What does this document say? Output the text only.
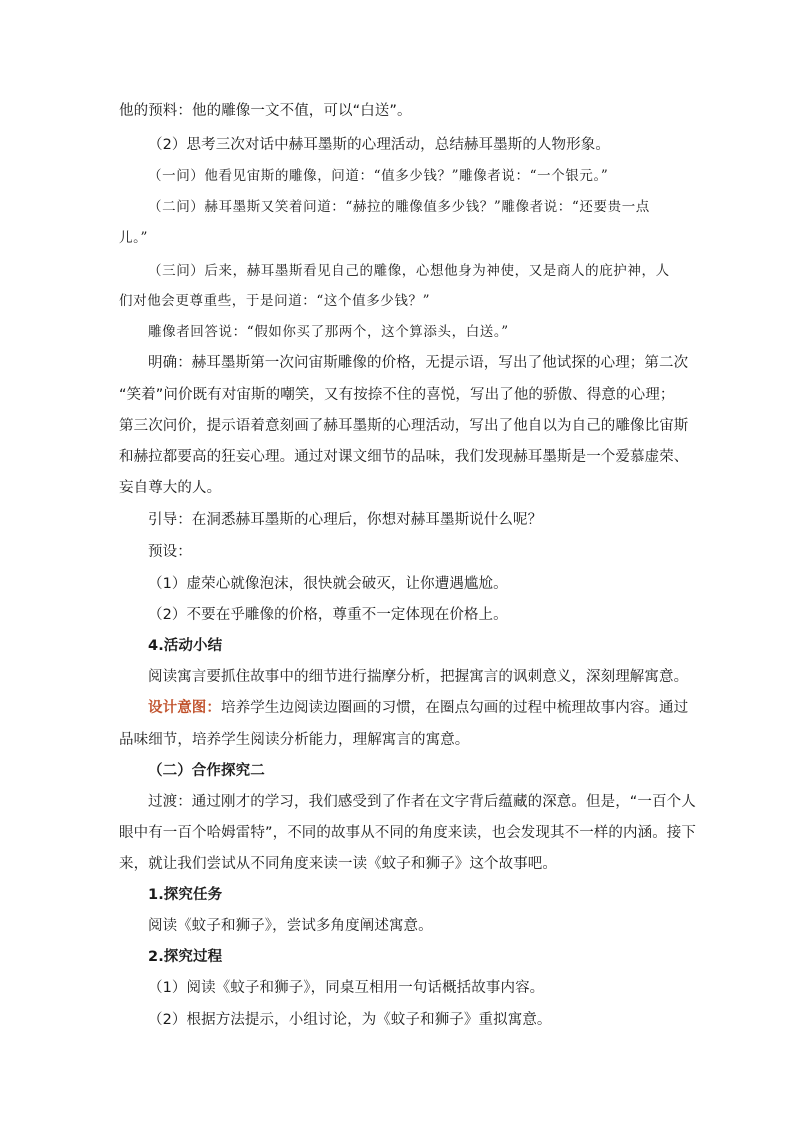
他的预料：他的雕像一文不值，可以“白送”。
（2）思考三次对话中赫耳墨斯的心理活动，总结赫耳墨斯的人物形象。
（一问）他看见宙斯的雕像，问道：“值多少钱？”雕像者说：“一个银元。”
（二问）赫耳墨斯又笑着问道：“赫拉的雕像值多少钱？”雕像者说：“还要贵一点
儿。”
（三问）后来，赫耳墨斯看见自己的雕像，心想他身为神使，又是商人的庇护神，人
们对他会更尊重些，于是问道：“这个值多少钱？”
雕像者回答说：“假如你买了那两个，这个算添头，白送。”
明确：赫耳墨斯第一次问宙斯雕像的价格，无提示语，写出了他试探的心理；第二次
“笑着”问价既有对宙斯的嘲笑，又有按捺不住的喜悦，写出了他的骄傲、得意的心理；
第三次问价，提示语着意刻画了赫耳墨斯的心理活动，写出了他自以为自己的雕像比宙斯
和赫拉都要高的狂妄心理。通过对课文细节的品味，我们发现赫耳墨斯是一个爱慕虚荣、
妄自尊大的人。
引导：在洞悉赫耳墨斯的心理后，你想对赫耳墨斯说什么呢？
预设：
（1）虚荣心就像泡沫，很快就会破灭，让你遭遇尴尬。
（2）不要在乎雕像的价格，尊重不一定体现在价格上。
4.活动小结
阅读寓言要抓住故事中的细节进行揣摩分析，把握寓言的讽刺意义，深刻理解寓意。
设计意图：培养学生边阅读边圈画的习惯，在圈点勾画的过程中梳理故事内容。通过
品味细节，培养学生阅读分析能力，理解寓言的寓意。
（二）合作探究二
过渡：通过刚才的学习，我们感受到了作者在文字背后蕴藏的深意。但是，“一百个人
眼中有一百个哈姆雷特”，不同的故事从不同的角度来读，也会发现其不一样的内涵。接下
来，就让我们尝试从不同角度来读一读《蚊子和狮子》这个故事吧。
1.探究任务
阅读《蚊子和狮子》，尝试多角度阐述寓意。
2.探究过程
（1）阅读《蚊子和狮子》，同桌互相用一句话概括故事内容。
（2）根据方法提示，小组讨论，为《蚊子和狮子》重拟寓意。
